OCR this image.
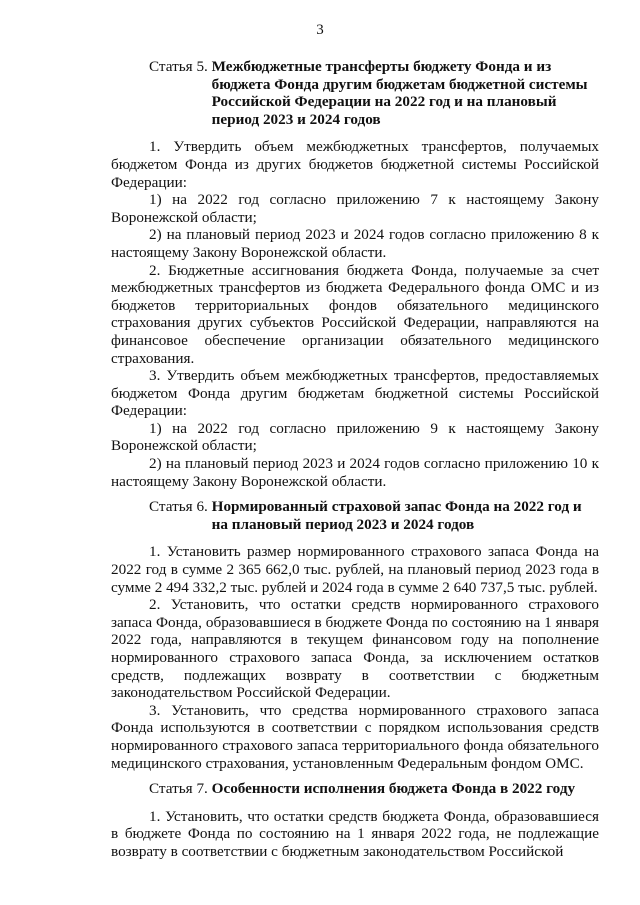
3
Статья 5. Межбюджетные трансферты бюджету Фонда и из бюджета Фонда другим бюджетам бюджетной системы Российской Федерации на 2022 год и на плановый период 2023 и 2024 годов

1. Утвердить объем межбюджетных трансфертов, получаемых бюджетом Фонда из других бюджетов бюджетной системы Российской Федерации:

1) на 2022 год согласно приложению 7 к настоящему Закону Воронежской области;

2) на плановый период 2023 и 2024 годов согласно приложению 8 к настоящему Закону Воронежской области.

2. Бюджетные ассигнования бюджета Фонда, получаемые за счет межбюджетных трансфертов из бюджета Федерального фонда ОМС и из бюджетов территориальных фондов обязательного медицинского страхования других субъектов Российской Федерации, направляются на финансовое обеспечение организации обязательного медицинского страхования.

3. Утвердить объем межбюджетных трансфертов, предоставляемых бюджетом Фонда другим бюджетам бюджетной системы Российской Федерации:

1) на 2022 год согласно приложению 9 к настоящему Закону Воронежской области;

2) на плановый период 2023 и 2024 годов согласно приложению 10 к настоящему Закону Воронежской области.

Статья 6. Нормированный страховой запас Фонда на 2022 год и на плановый период 2023 и 2024 годов

1. Установить размер нормированного страхового запаса Фонда на 2022 год в сумме 2 365 662,0 тыс. рублей, на плановый период 2023 года в сумме 2 494 332,2 тыс. рублей и 2024 года в сумме 2 640 737,5 тыс. рублей.

2. Установить, что остатки средств нормированного страхового запаса Фонда, образовавшиеся в бюджете Фонда по состоянию на 1 января 2022 года, направляются в текущем финансовом году на пополнение нормированного страхового запаса Фонда, за исключением остатков средств, подлежащих возврату в соответствии с бюджетным законодательством Российской Федерации.

3. Установить, что средства нормированного страхового запаса Фонда используются в соответствии с порядком использования средств нормированного страхового запаса территориального фонда обязательного медицинского страхования, установленным Федеральным фондом ОМС.

Статья 7. Особенности исполнения бюджета Фонда в 2022 году

1. Установить, что остатки средств бюджета Фонда, образовавшиеся в бюджете Фонда по состоянию на 1 января 2022 года, не подлежащие возврату в соответствии с бюджетным законодательством Российской
